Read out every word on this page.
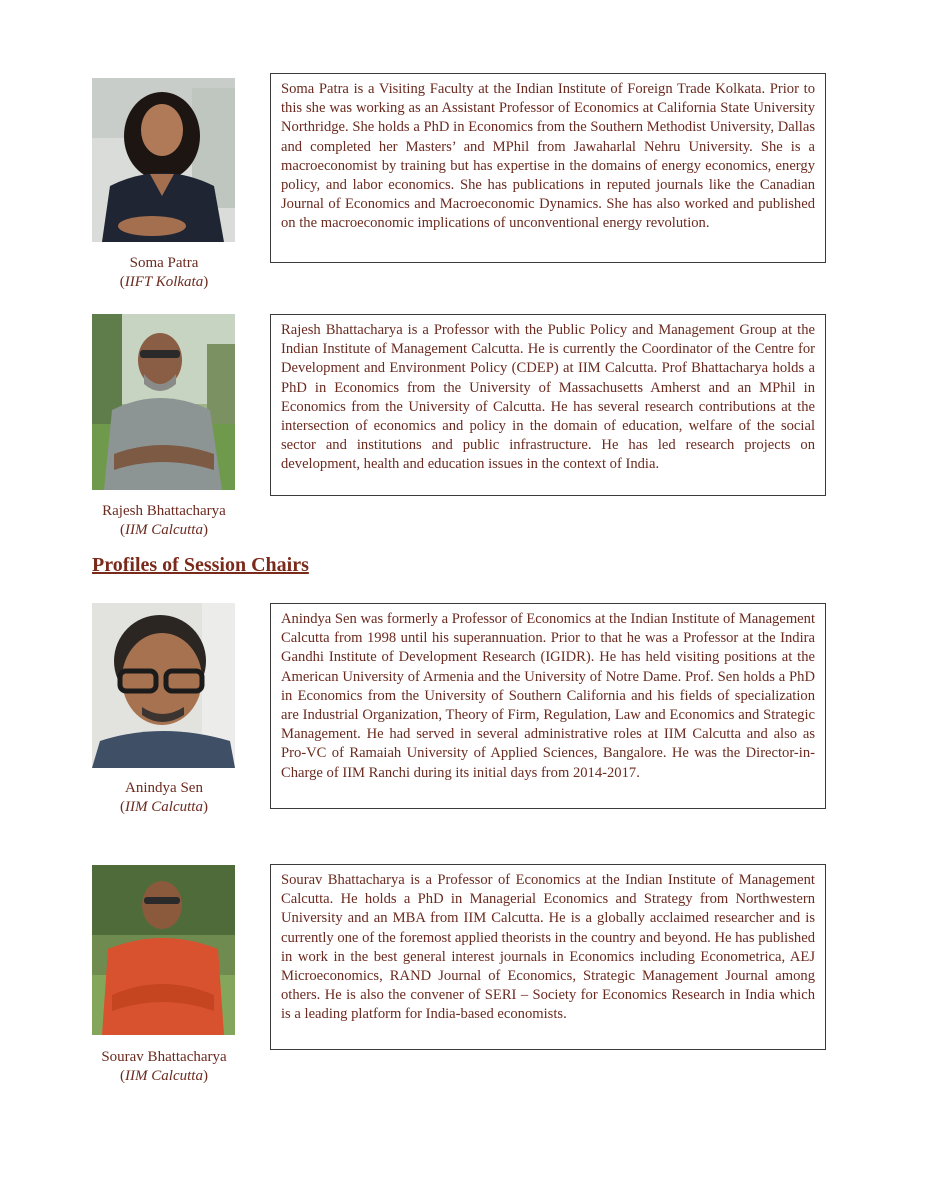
Soma Patra
( IIFT Kolkata )
Soma Patra is a Visiting Faculty at the Indian Institute of Foreign Trade Kolkata. Prior to this she was working as an Assistant Professor of Economics at California State University Northridge. She holds a PhD in Economics from the Southern Methodist University, Dallas and completed her Masters’ and MPhil from Jawaharlal Nehru University. She is a macroeconomist by training but has expertise in the domains of energy economics, energy policy, and labor economics. She has publications in reputed journals like the Canadian Journal of Economics and Macroeconomic Dynamics. She has also worked and published on the macroeconomic implications of unconventional energy revolution.
Rajesh Bhattacharya
( IIM Calcutta )
Rajesh Bhattacharya is a Professor with the Public Policy and Management Group at the Indian Institute of Management Calcutta. He is currently the Coordinator of the Centre for Development and Environment Policy (CDEP) at IIM Calcutta. Prof Bhattacharya holds a PhD in Economics from the University of Massachusetts Amherst and an MPhil in Economics from the University of Calcutta. He has several research contributions at the intersection of economics and policy in the domain of education, welfare of the social sector and institutions and public infrastructure. He has led research projects on development, health and education issues in the context of India.
Profiles of Session Chairs
Anindya Sen
( IIM Calcutta )
Anindya Sen was formerly a Professor of Economics at the Indian Institute of Management Calcutta from 1998 until his superannuation. Prior to that he was a Professor at the Indira Gandhi Institute of Development Research (IGIDR). He has held visiting positions at the American University of Armenia and the University of Notre Dame. Prof. Sen holds a PhD in Economics from the University of Southern California and his fields of specialization are Industrial Organization, Theory of Firm, Regulation, Law and Economics and Strategic Management. He had served in several administrative roles at IIM Calcutta and also as Pro-VC of Ramaiah University of Applied Sciences, Bangalore. He was the Director-in-Charge of IIM Ranchi during its initial days from 2014-2017.
Sourav Bhattacharya
( IIM Calcutta )
Sourav Bhattacharya is a Professor of Economics at the Indian Institute of Management Calcutta. He holds a PhD in Managerial Economics and Strategy from Northwestern University and an MBA from IIM Calcutta. He is a globally acclaimed researcher and is currently one of the foremost applied theorists in the country and beyond. He has published in work in the best general interest journals in Economics including Econometrica, AEJ Microeconomics, RAND Journal of Economics, Strategic Management Journal among others. He is also the convener of SERI – Society for Economics Research in India which is a leading platform for India-based economists.
